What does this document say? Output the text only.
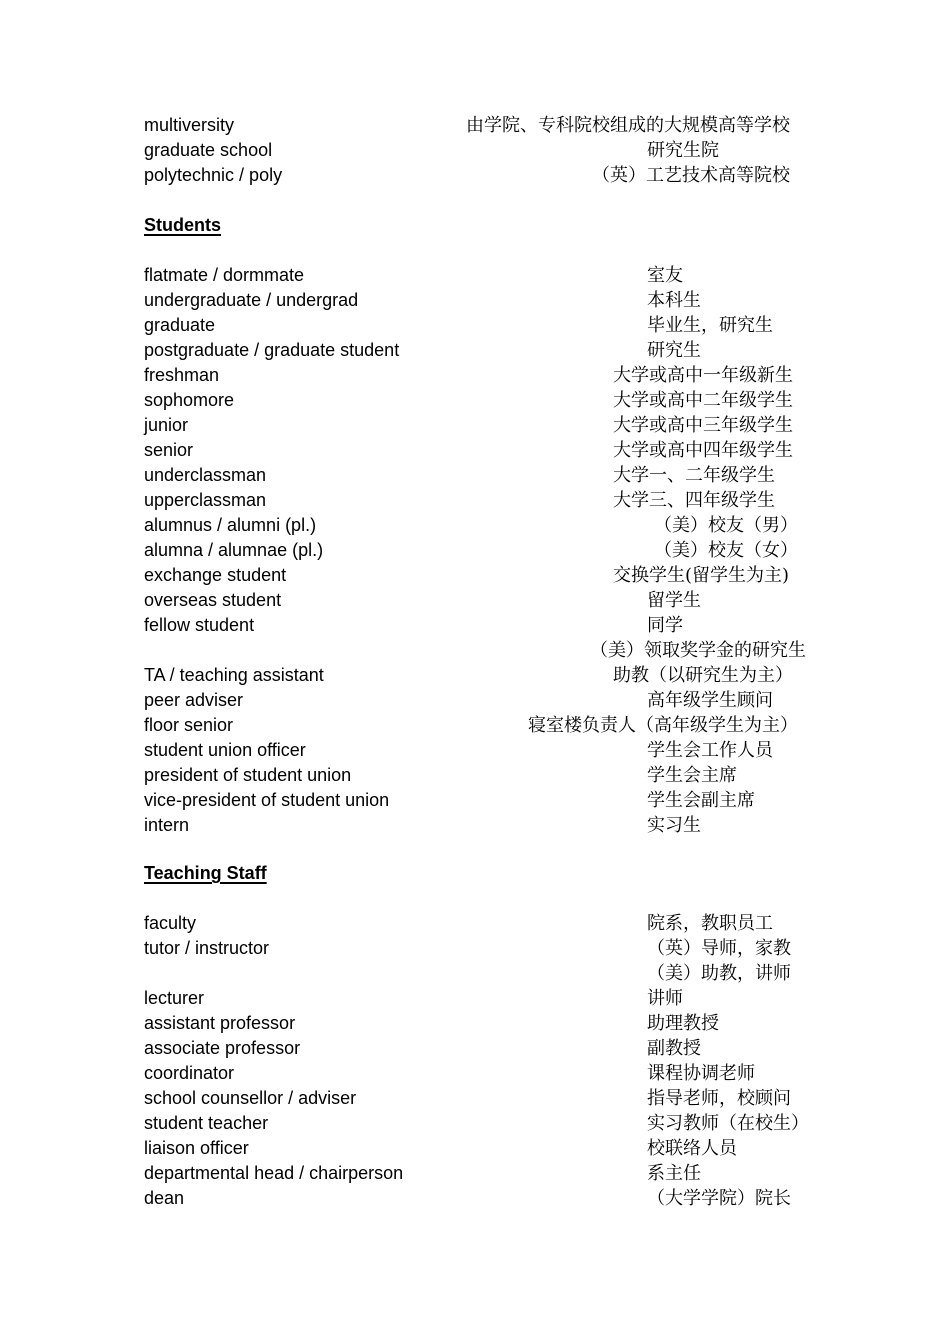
multiversity	由学院、专科院校组成的大规模高等学校
graduate school	研究生院
polytechnic / poly	（英）工艺技术高等院校
Students
flatmate / dormmate	室友
undergraduate / undergrad	本科生
graduate	毕业生，研究生
postgraduate / graduate student	研究生
freshman	大学或高中一年级新生
sophomore	大学或高中二年级学生
junior	大学或高中三年级学生
senior	大学或高中四年级学生
underclassman	大学一、二年级学生
upperclassman	大学三、四年级学生
alumnus / alumni (pl.)	（美）校友（男）
alumna / alumnae (pl.)	（美）校友（女）
exchange student	交换学生(留学生为主)
overseas student	留学生
fellow student	同学
（美）领取奖学金的研究生
TA / teaching assistant	助教（以研究生为主）
peer adviser	高年级学生顾问
floor senior	寝室楼负责人（高年级学生为主）
student union officer	学生会工作人员
president of student union	学生会主席
vice-president of student union	学生会副主席
intern	实习生
Teaching Staff
faculty	院系，教职员工
tutor / instructor	（英）导师，家教
（美）助教，讲师
lecturer	讲师
assistant professor	助理教授
associate professor	副教授
coordinator	课程协调老师
school counsellor / adviser	指导老师，校顾问
student teacher	实习教师（在校生）
liaison officer	校联络人员
departmental head / chairperson	系主任
dean	（大学学院）院长
